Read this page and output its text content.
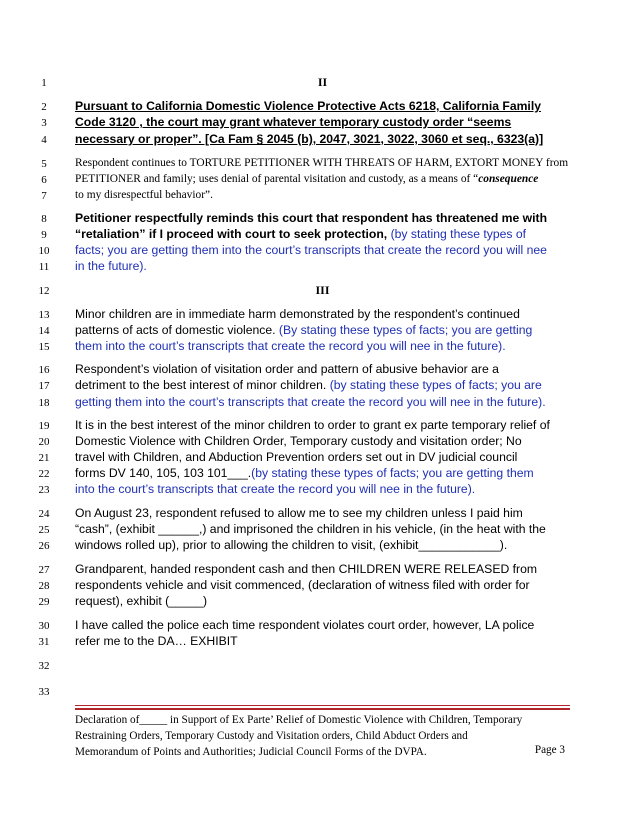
1
2
3
4
5
6
7
8
9
10
11
12
13
14
15
16
17
18
19
20
21
22
23
24
25
26
27
28
29
30
31
32
33
II
Pursuant to California Domestic Violence Protective Acts 6218, California Family
Code 3120 , the court may grant whatever temporary custody order “seems
necessary or proper”. [Ca Fam § 2045 (b), 2047, 3021, 3022, 3060 et seq., 6323(a)]
Respondent continues to TORTURE PETITIONER WITH THREATS OF HARM, EXTORT MONEY from
PETITIONER and family; uses denial of parental visitation and custody, as a means of “consequence
to my disrespectful behavior”.
Petitioner respectfully reminds this court that respondent has threatened me with
“retaliation” if I proceed with court to seek protection, (by stating these types of
facts; you are getting them into the court’s transcripts that create the record you will nee
in the future).
III
Minor children are in immediate harm demonstrated by the respondent’s continued
patterns of acts of domestic violence. (By stating these types of facts; you are getting
them into the court’s transcripts that create the record you will nee in the future).
Respondent’s violation of visitation order and pattern of abusive behavior are a
detriment to the best interest of minor children. (by stating these types of facts; you are
getting them into the court’s transcripts that create the record you will nee in the future).
It is in the best interest of the minor children to order to grant ex parte temporary relief of
Domestic Violence with Children Order, Temporary custody and visitation order; No
travel with Children, and Abduction Prevention orders set out in DV judicial council
forms DV 140, 105, 103 101___.(by stating these types of facts; you are getting them
into the court’s transcripts that create the record you will nee in the future).
On August 23, respondent refused to allow me to see my children unless I paid him
“cash”, (exhibit ______,) and imprisoned the children in his vehicle, (in the heat with the
windows rolled up), prior to allowing the children to visit, (exhibit____________).
Grandparent, handed respondent cash and then CHILDREN WERE RELEASED from
respondents vehicle and visit commenced, (declaration of witness filed with order for
request), exhibit (_____)
I have called the police each time respondent violates court order, however, LA police
refer me to the DA… EXHIBIT
Declaration of_____ in Support of Ex Parte’ Relief of Domestic Violence with Children, Temporary
Restraining Orders, Temporary Custody and Visitation orders, Child Abduct Orders and
Memorandum of Points and Authorities; Judicial Council Forms of the DVPA.	Page 3
